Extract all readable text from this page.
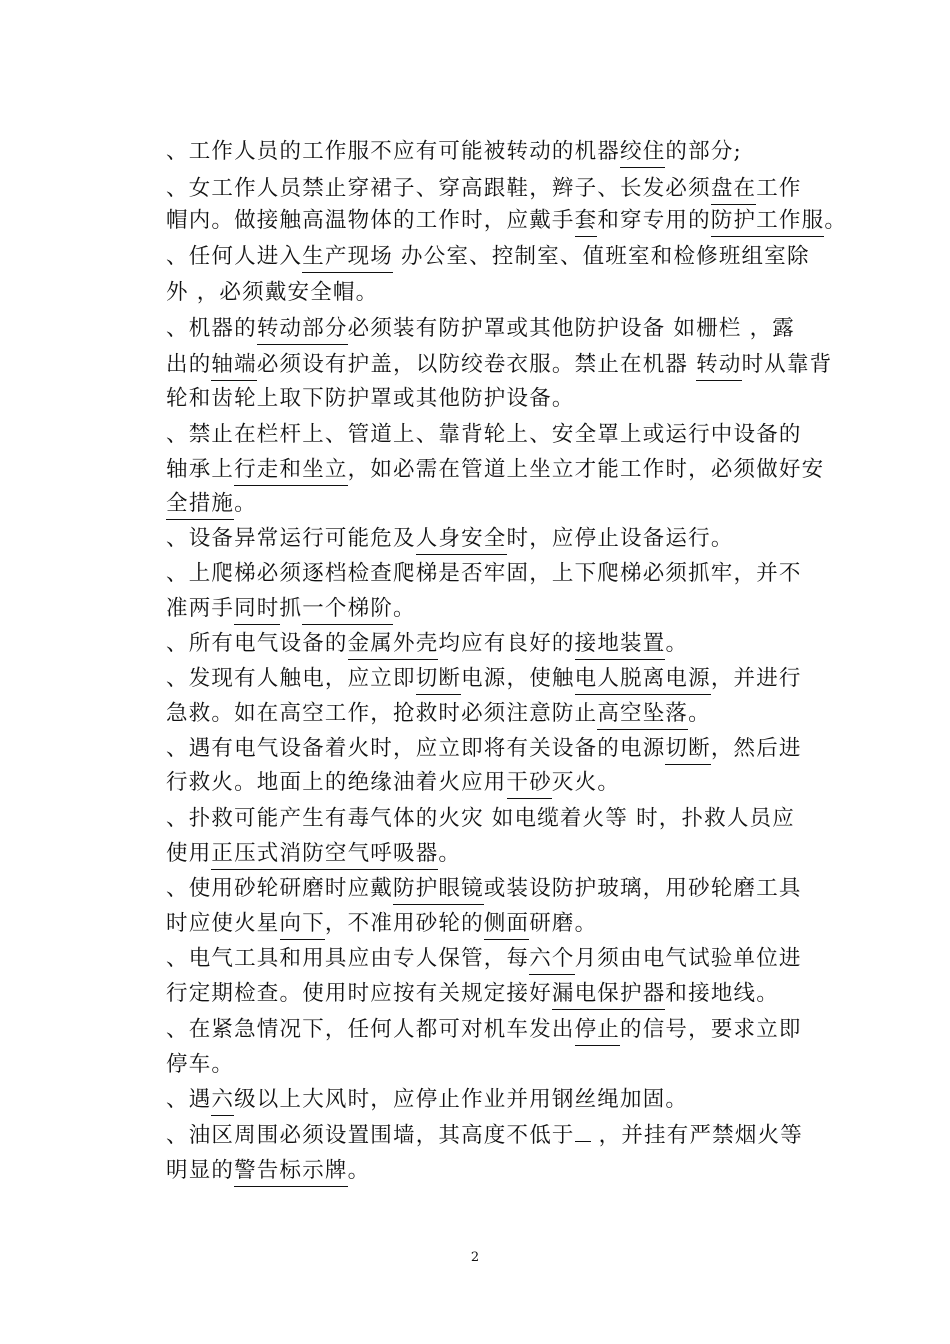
、工作人员的工作服不应有可能被转动的机器绞住的部分;
、女工作人员禁止穿裙子、穿高跟鞋，辫子、长发必须盘在工作
帽内。做接触高温物体的工作时，应戴手套和穿专用的防护工作服。
、任何人进入生产现场 办公室、控制室、值班室和检修班组室除
外 ，必须戴安全帽。
、机器的转动部分必须装有防护罩或其他防护设备 如栅栏 ，露
出的轴端必须设有护盖，以防绞卷衣服。禁止在机器 转动时从靠背
轮和齿轮上取下防护罩或其他防护设备。
、禁止在栏杆上、管道上、靠背轮上、安全罩上或运行中设备的
轴承上行走和坐立，如必需在管道上坐立才能工作时，必须做好安
全措施。
、设备异常运行可能危及人身安全时，应停止设备运行。
、上爬梯必须逐档检查爬梯是否牢固，上下爬梯必须抓牢，并不
准两手同时抓一个梯阶。
、所有电气设备的金属外壳均应有良好的接地装置。
、发现有人触电，应立即切断电源，使触电人脱离电源，并进行
急救。如在高空工作，抢救时必须注意防止高空坠落。
、遇有电气设备着火时，应立即将有关设备的电源切断，然后进
行救火。地面上的绝缘油着火应用干砂灭火。
、扑救可能产生有毒气体的火灾 如电缆着火等 时，扑救人员应
使用正压式消防空气呼吸器。
、使用砂轮研磨时应戴防护眼镜或装设防护玻璃，用砂轮磨工具
时应使火星向下，不准用砂轮的侧面研磨。
、电气工具和用具应由专人保管，每六个月须由电气试验单位进
行定期检查。使用时应按有关规定接好漏电保护器和接地线。
、在紧急情况下，任何人都可对机车发出停止的信号，要求立即
停车。
、遇六级以上大风时，应停止作业并用钢丝绳加固。
、油区周围必须设置围墙，其高度不低于 ，并挂有严禁烟火等
明显的警告标示牌。
2
